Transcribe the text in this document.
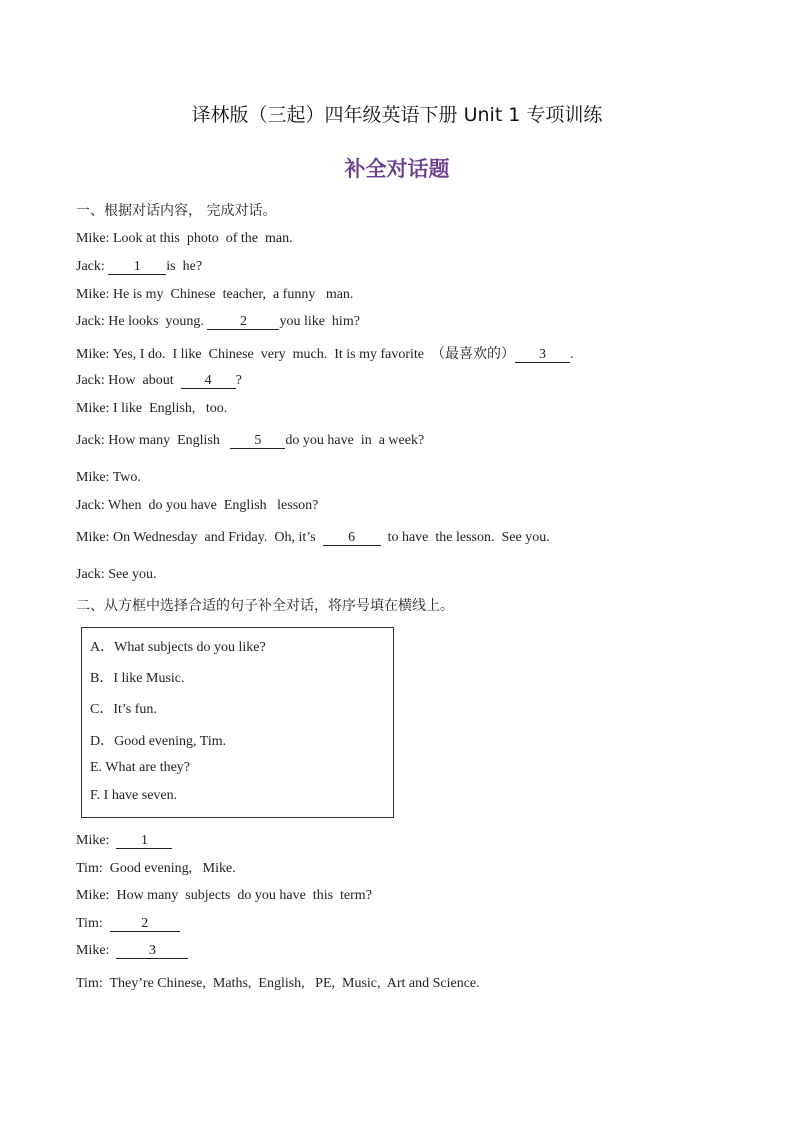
译林版（三起）四年级英语下册 Unit 1 专项训练
补全对话题
一、根据对话内容， 完成对话。
Mike: Look at this  photo  of the  man.
Jack: 1 is  he?
Mike: He is my  Chinese  teacher,  a funny   man.
Jack: He looks  young. 2 you like  him?
Mike: Yes, I do.  I like  Chinese  very  much.  It is my favorite  （最喜欢的） 3 .
Jack: How  about  4 ?
Mike: I like  English,   too.
Jack: How many  English   5 do you have  in  a week?
Mike: Two.
Jack: When  do you have  English   lesson?
Mike: On Wednesday  and Friday.  Oh, it’s  6  to have  the lesson.  See you.
Jack: See you.
二、从方框中选择合适的句子补全对话，将序号填在横线上。
A．What subjects do you like?
B．I like Music.
C．It’s fun.
D．Good evening, Tim.
E. What are they?
F. I have seven.
Mike: 1
Tim: Good evening,   Mike.
Mike: How many  subjects  do you have  this  term?
Tim:	2
Mike:	3
Tim: They’re Chinese,  Maths,  English,   PE,  Music,  Art and Science.
